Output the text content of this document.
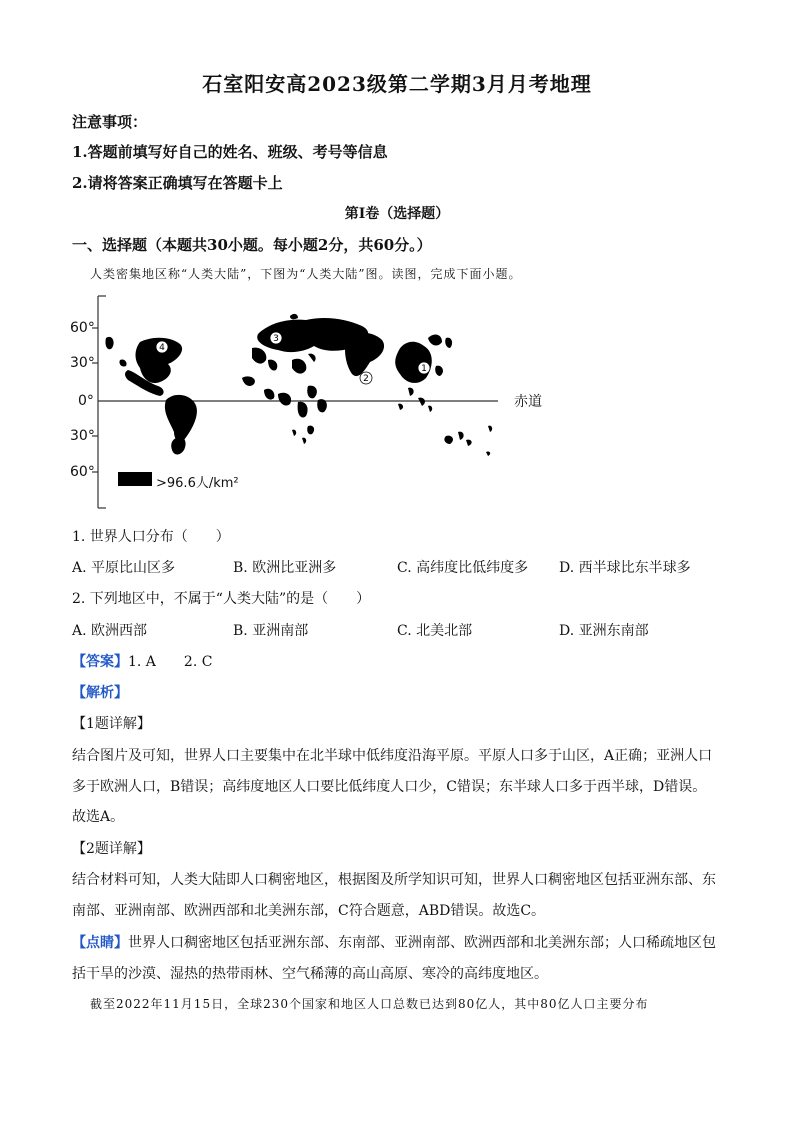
石室阳安高2023级第二学期3月月考地理
注意事项：
1.答题前填写好自己的姓名、班级、考号等信息
2.请将答案正确填写在答题卡上
第I卷（选择题）
一、选择题（本题共30小题。每小题2分，共60分。）
人类密集地区称“人类大陆”，下图为“人类大陆”图。读图，完成下面小题。
4
3
2
1
60°
30°
0°
30°
60°
赤道
>96.6人/km²
1. 世界人口分布（　　）
A. 平原比山区多	B. 欧洲比亚洲多	C. 高纬度比低纬度多 D. 西半球比东半球多
2. 下列地区中，不属于“人类大陆”的是（　　）
A. 欧洲西部	B. 亚洲南部	C. 北美北部	D. 亚洲东南部
【答案】1. A　　2. C
【解析】
【1题详解】
结合图片及可知，世界人口主要集中在北半球中低纬度沿海平原。平原人口多于山区，A正确；亚洲人口
多于欧洲人口，B错误；高纬度地区人口要比低纬度人口少，C错误；东半球人口多于西半球，D错误。
故选A。
【2题详解】
结合材料可知，人类大陆即人口稠密地区，根据图及所学知识可知，世界人口稠密地区包括亚洲东部、东
南部、亚洲南部、欧洲西部和北美洲东部，C符合题意，ABD错误。故选C。
【点睛】世界人口稠密地区包括亚洲东部、东南部、亚洲南部、欧洲西部和北美洲东部；人口稀疏地区包
括干旱的沙漠、湿热的热带雨林、空气稀薄的高山高原、寒冷的高纬度地区。
截至2022年11月15日，全球230个国家和地区人口总数已达到80亿人，其中80亿人口主要分布
